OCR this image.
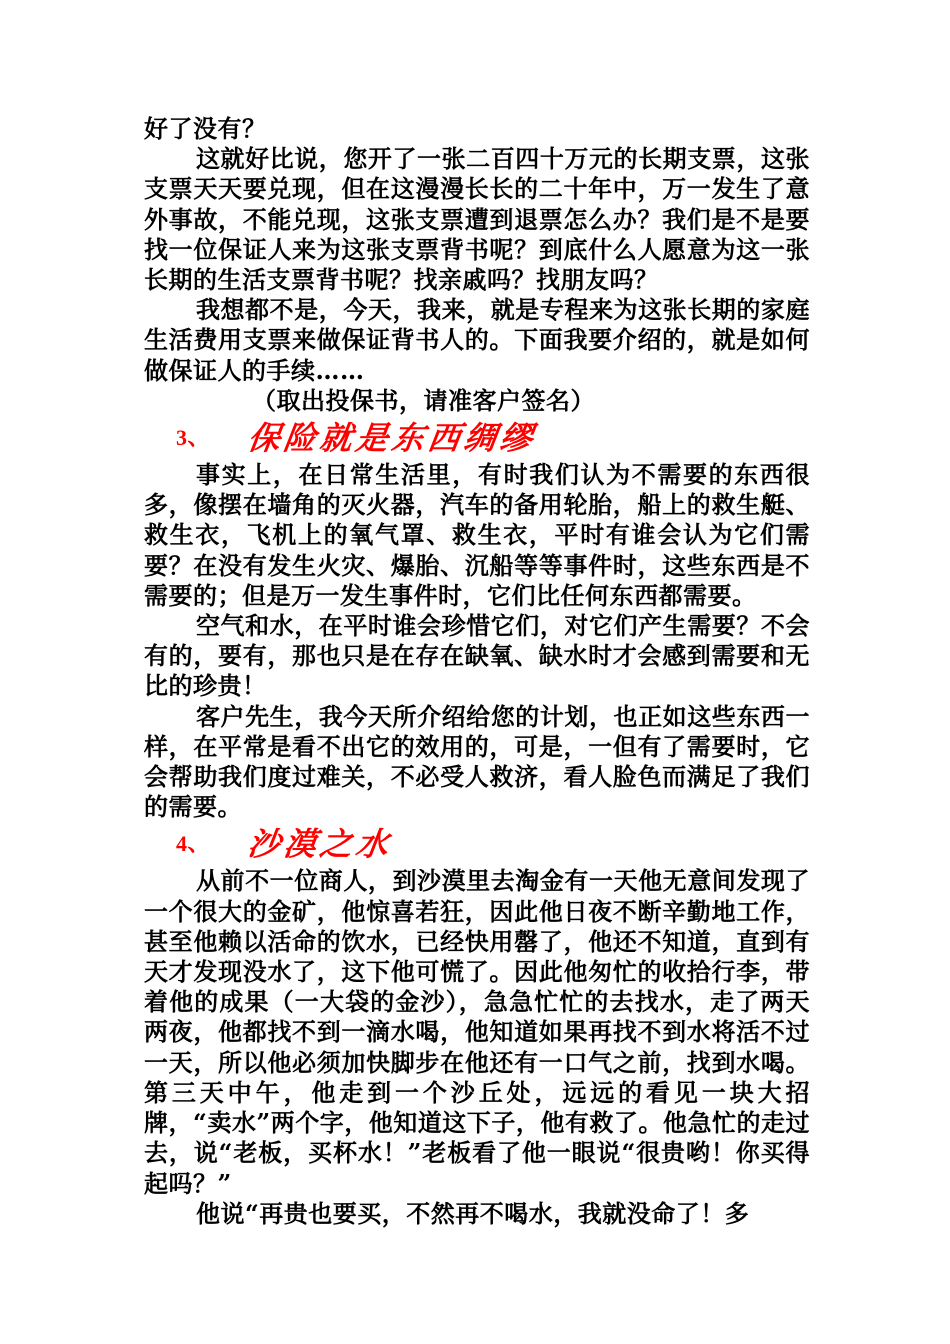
好了没有？

这就好比说，您开了一张二百四十万元的长期支票，这张支票天天要兑现，但在这漫漫长长的二十年中，万一发生了意外事故，不能兑现，这张支票遭到退票怎么办？我们是不是要找一位保证人来为这张支票背书呢？到底什么人愿意为这一张长期的生活支票背书呢？找亲戚吗？找朋友吗？

我想都不是，今天，我来，就是专程来为这张长期的家庭生活费用支票来做保证背书人的。下面我要介绍的，就是如何做保证人的手续……

（取出投保书，请准客户签名）

3、	保险就是东西绸缪

事实上，在日常生活里，有时我们认为不需要的东西很多，像摆在墙角的灭火器，汽车的备用轮胎，船上的救生艇、救生衣，飞机上的氧气罩、救生衣，平时有谁会认为它们需要？在没有发生火灾、爆胎、沉船等等事件时，这些东西是不需要的；但是万一发生事件时，它们比任何东西都需要。

空气和水，在平时谁会珍惜它们，对它们产生需要？不会有的，要有，那也只是在存在缺氧、缺水时才会感到需要和无比的珍贵！

客户先生，我今天所介绍给您的计划，也正如这些东西一样，在平常是看不出它的效用的，可是，一但有了需要时，它会帮助我们度过难关，不必受人救济，看人脸色而满足了我们的需要。

4、	沙漠之水

从前不一位商人，到沙漠里去淘金有一天他无意间发现了一个很大的金矿，他惊喜若狂，因此他日夜不断辛勤地工作，甚至他赖以活命的饮水，已经快用罄了，他还不知道，直到有天才发现没水了，这下他可慌了。因此他匆忙的收拾行李，带着他的成果（一大袋的金沙），急急忙忙的去找水，走了两天两夜，他都找不到一滴水喝，他知道如果再找不到水将活不过一天，所以他必须加快脚步在他还有一口气之前，找到水喝。第三天中午，他走到一个沙丘处，远远的看见一块大招牌，“卖水”两个字，他知道这下子，他有救了。他急忙的走过去，说“老板，买杯水！”老板看了他一眼说“很贵哟！你买得起吗？”

他说“再贵也要买，不然再不喝水，我就没命了！多
